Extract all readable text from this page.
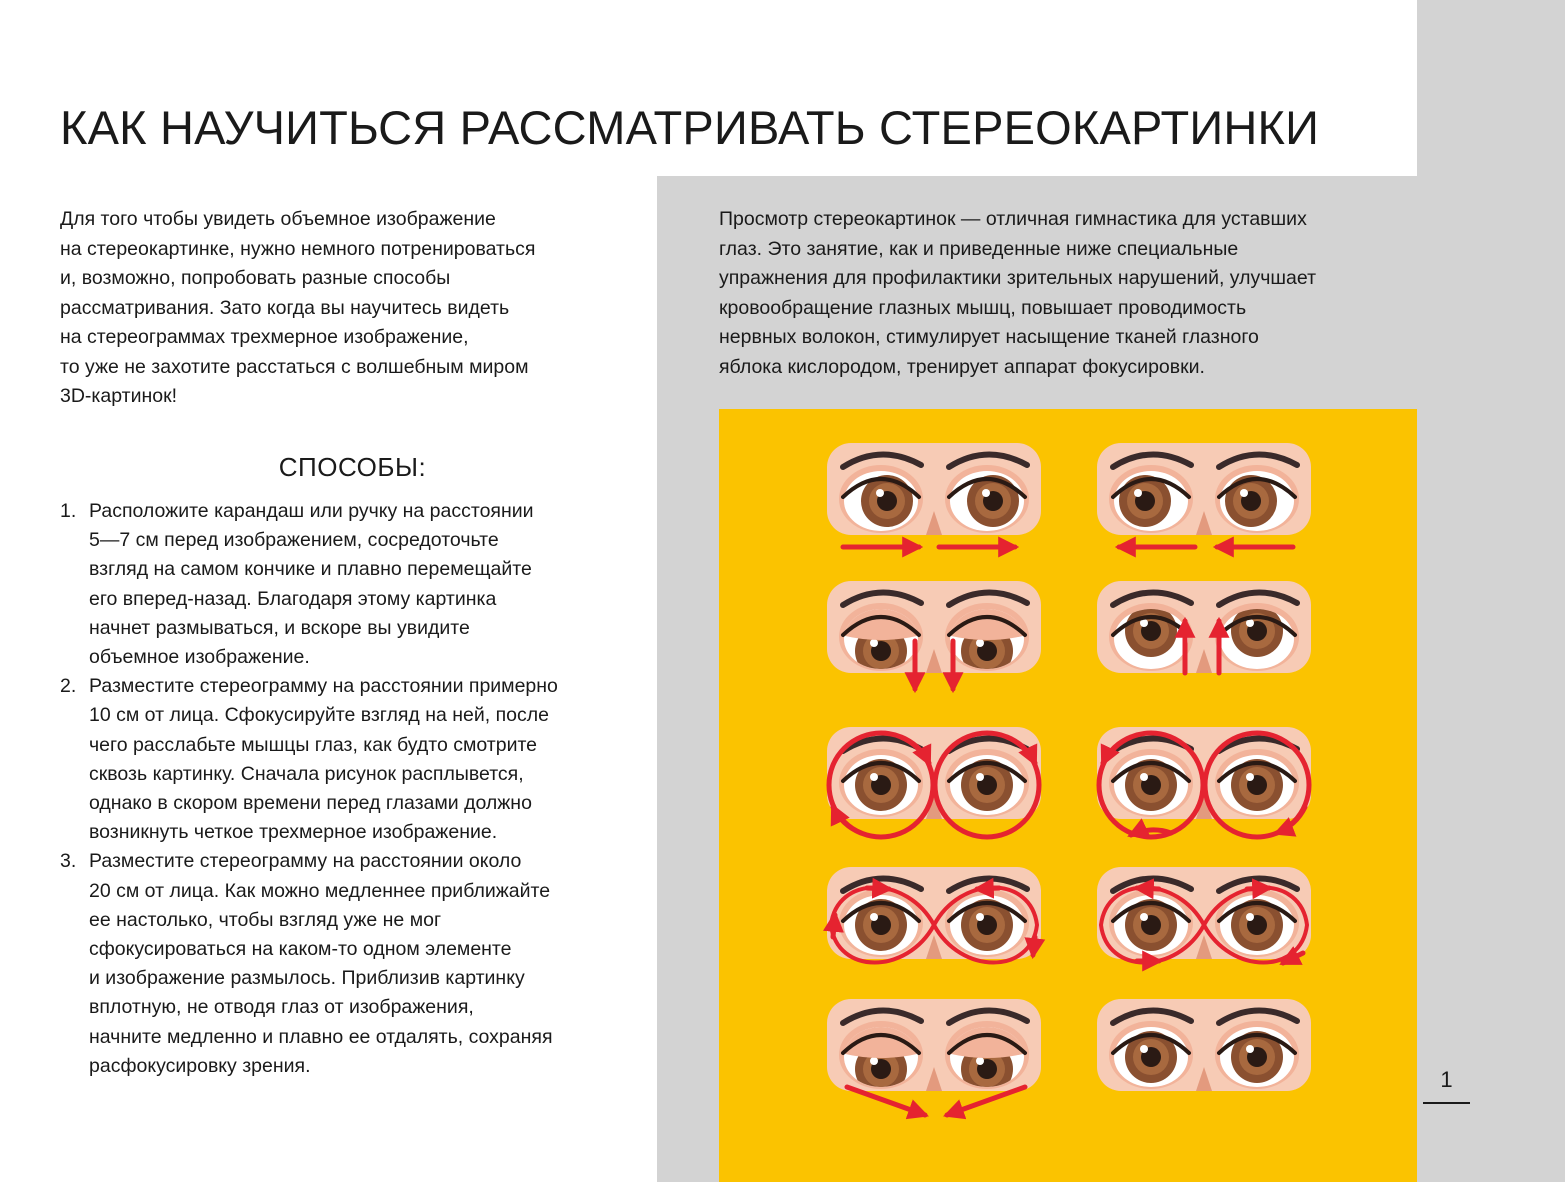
КАК НАУЧИТЬСЯ РАССМАТРИВАТЬ СТЕРЕОКАРТИНКИ

Для того чтобы увидеть объемное изображение
на стереокартинке, нужно немного потренироваться
и, возможно, попробовать разные способы
рассматривания. Зато когда вы научитесь видеть
на стереограммах трехмерное изображение,
то уже не захотите расстаться с волшебным миром
3D-картинок!

Просмотр стереокартинок — отличная гимнастика для уставших
глаз. Это занятие, как и приведенные ниже специальные
упражнения для профилактики зрительных нарушений, улучшает
кровообращение глазных мышц, повышает проводимость
нервных волокон, стимулирует насыщение тканей глазного
яблока кислородом, тренирует аппарат фокусировки.

СПОСОБЫ:
1. Расположите карандаш или ручку на расстоянии
5—7 см перед изображением, сосредоточьте
взгляд на самом кончике и плавно перемещайте
его вперед-назад. Благодаря этому картинка
начнет размываться, и вскоре вы увидите
объемное изображение.
2. Разместите стереограмму на расстоянии примерно
10 см от лица. Сфокусируйте взгляд на ней, после
чего расслабьте мышцы глаз, как будто смотрите
сквозь картинку. Сначала рисунок расплывется,
однако в скором времени перед глазами должно
возникнуть четкое трехмерное изображение.
3. Разместите стереограмму на расстоянии около
20 см от лица. Как можно медленнее приближайте
ее настолько, чтобы взгляд уже не мог
сфокусироваться на каком-то одном элементе
и изображение размылось. Приблизив картинку
вплотную, не отводя глаз от изображения,
начните медленно и плавно ее отдалять, сохраняя
расфокусировку зрения.
1
